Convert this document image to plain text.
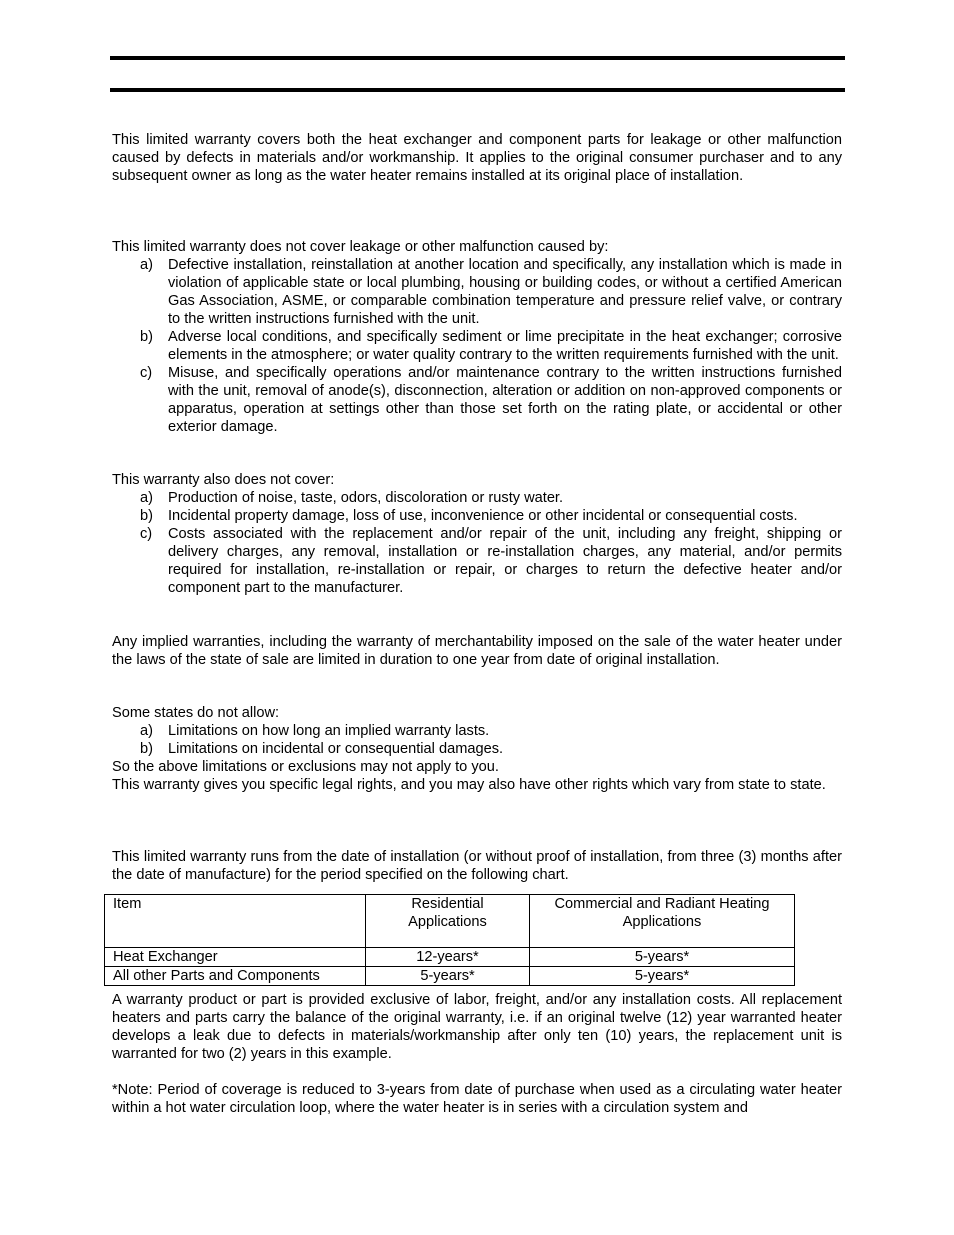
This limited warranty covers both the heat exchanger and component parts for leakage or other malfunction caused by defects in materials and/or workmanship. It applies to the original consumer purchaser and to any subsequent owner as long as the water heater remains installed at its original place of installation.

This limited warranty does not cover leakage or other malfunction caused by:

a)	Defective installation, reinstallation at another location and specifically, any installation which is made in violation of applicable state or local plumbing, housing or building codes, or without a certified American Gas Association, ASME, or comparable combination temperature and pressure relief valve, or contrary to the written instructions furnished with the unit.
b)	Adverse local conditions, and specifically sediment or lime precipitate in the heat exchanger; corrosive elements in the atmosphere; or water quality contrary to the written requirements furnished with the unit.
c)	Misuse, and specifically operations and/or maintenance contrary to the written instructions furnished with the unit, removal of anode(s), disconnection, alteration or addition on non-approved components or apparatus, operation at settings other than those set forth on the rating plate, or accidental or other exterior damage.

This warranty also does not cover:

a)	Production of noise, taste, odors, discoloration or rusty water.
b)	Incidental property damage, loss of use, inconvenience or other incidental or consequential costs.
c)	Costs associated with the replacement and/or repair of the unit, including any freight, shipping or delivery charges, any removal, installation or re-installation charges, any material, and/or permits required for installation, re-installation or repair, or charges to return the defective heater and/or component part to the manufacturer.

Any implied warranties, including the warranty of merchantability imposed on the sale of the water heater under the laws of the state of sale are limited in duration to one year from date of original installation.

Some states do not allow:

a)	Limitations on how long an implied warranty lasts.
b)	Limitations on incidental or consequential damages.

So the above limitations or exclusions may not apply to you.

This warranty gives you specific legal rights, and you may also have other rights which vary from state to state.

This limited warranty runs from the date of installation (or without proof of installation, from three (3) months after the date of manufacture) for the period specified on the following chart.

Item	Residential Applications	Commercial and Radiant Heating Applications
Heat Exchanger	12-years*	5-years*
All other Parts and Components	5-years*	5-years*

A warranty product or part is provided exclusive of labor, freight, and/or any installation costs. All replacement heaters and parts carry the balance of the original warranty, i.e. if an original twelve (12) year warranted heater develops a leak due to defects in materials/workmanship after only ten (10) years, the replacement unit is warranted for two (2) years in this example.

*Note: Period of coverage is reduced to 3-years from date of purchase when used as a circulating water heater within a hot water circulation loop, where the water heater is in series with a circulation system and
